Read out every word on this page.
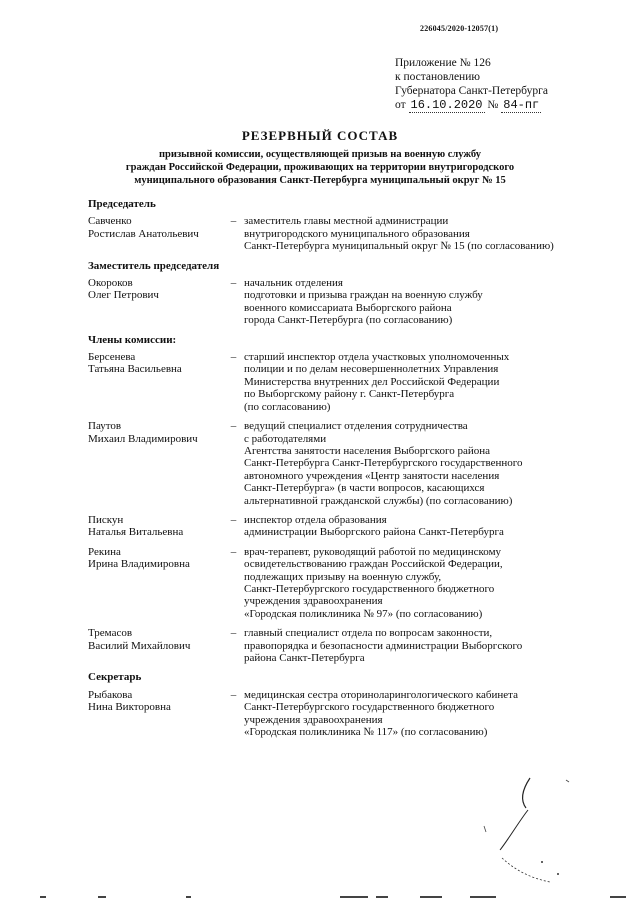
226045/2020-12057(1)
Приложение № 126
к постановлению
Губернатора Санкт-Петербурга
от 16.10.2020 № 84-пг
РЕЗЕРВНЫЙ СОСТАВ
призывной комиссии, осуществляющей призыв на военную службу
граждан Российской Федерации, проживающих на территории внутригородского
муниципального образования Санкт-Петербурга муниципальный округ № 15
Председатель
Савченко
Ростислав Анатольевич
– заместитель главы местной администрации
внутригородского муниципального образования
Санкт-Петербурга муниципальный округ № 15 (по согласованию)
Заместитель председателя
Окороков
Олег Петрович
– начальник отделения
подготовки и призыва граждан на военную службу
военного комиссариата Выборгского района
города Санкт-Петербурга (по согласованию)
Члены комиссии:
Берсенева
Татьяна Васильевна
– старший инспектор отдела участковых уполномоченных
полиции и по делам несовершеннолетних Управления
Министерства внутренних дел Российской Федерации
по Выборгскому району г. Санкт-Петербурга
(по согласованию)
Паутов
Михаил Владимирович
– ведущий специалист отделения сотрудничества
с работодателями
Агентства занятости населения Выборгского района
Санкт-Петербурга Санкт-Петербургского государственного
автономного учреждения «Центр занятости населения
Санкт-Петербурга» (в части вопросов, касающихся
альтернативной гражданской службы) (по согласованию)
Пискун
Наталья Витальевна
– инспектор отдела образования
администрации Выборгского района Санкт-Петербурга
Рекина
Ирина Владимировна
– врач-терапевт, руководящий работой по медицинскому
освидетельствованию граждан Российской Федерации,
подлежащих призыву на военную службу,
Санкт-Петербургского государственного бюджетного
учреждения здравоохранения
«Городская поликлиника № 97» (по согласованию)
Тремасов
Василий Михайлович
– главный специалист отдела по вопросам законности,
правопорядка и безопасности администрации Выборгского
района Санкт-Петербурга
Секретарь
Рыбакова
Нина Викторовна
– медицинская сестра оториноларингологического кабинета
Санкт-Петербургского государственного бюджетного
учреждения здравоохранения
«Городская поликлиника № 117» (по согласованию)
